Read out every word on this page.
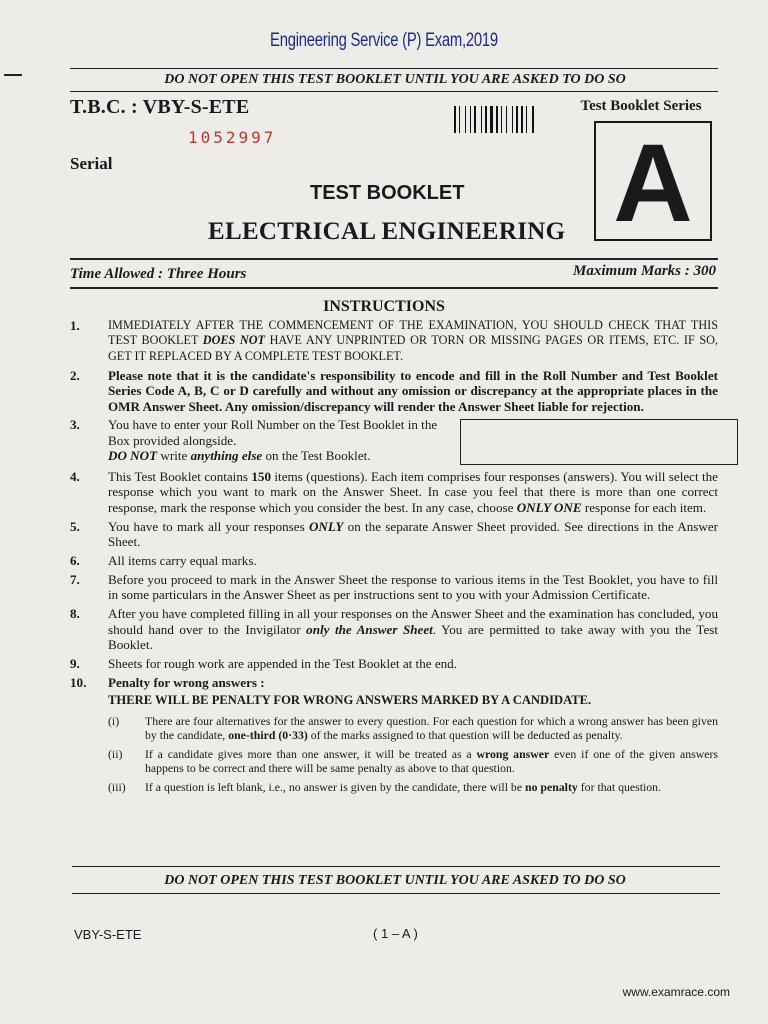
Engineering Service (P) Exam,2019
DO NOT OPEN THIS TEST BOOKLET UNTIL YOU ARE ASKED TO DO SO
T.B.C. : VBY-S-ETE	Test Booklet Series
1052997
Serial	A
TEST BOOKLET
ELECTRICAL ENGINEERING
Time Allowed : Three Hours	Maximum Marks : 300
INSTRUCTIONS
1.	IMMEDIATELY AFTER THE COMMENCEMENT OF THE EXAMINATION, YOU SHOULD CHECK THAT THIS TEST BOOKLET DOES NOT HAVE ANY UNPRINTED OR TORN OR MISSING PAGES OR ITEMS, ETC. IF SO, GET IT REPLACED BY A COMPLETE TEST BOOKLET.
2.	Please note that it is the candidate's responsibility to encode and fill in the Roll Number and Test Booklet Series Code A, B, C or D carefully and without any omission or discrepancy at the appropriate places in the OMR Answer Sheet. Any omission/discrepancy will render the Answer Sheet liable for rejection.
3.	You have to enter your Roll Number on the Test Booklet in the Box provided alongside.
DO NOT write anything else on the Test Booklet.
4.	This Test Booklet contains 150 items (questions). Each item comprises four responses (answers). You will select the response which you want to mark on the Answer Sheet. In case you feel that there is more than one correct response, mark the response which you consider the best. In any case, choose ONLY ONE response for each item.
5.	You have to mark all your responses ONLY on the separate Answer Sheet provided. See directions in the Answer Sheet.
6.	All items carry equal marks.
7.	Before you proceed to mark in the Answer Sheet the response to various items in the Test Booklet, you have to fill in some particulars in the Answer Sheet as per instructions sent to you with your Admission Certificate.
8.	After you have completed filling in all your responses on the Answer Sheet and the examination has concluded, you should hand over to the Invigilator only the Answer Sheet. You are permitted to take away with you the Test Booklet.
9.	Sheets for rough work are appended in the Test Booklet at the end.
10.	Penalty for wrong answers :
THERE WILL BE PENALTY FOR WRONG ANSWERS MARKED BY A CANDIDATE.
(i)	There are four alternatives for the answer to every question. For each question for which a wrong answer has been given by the candidate, one-third (0·33) of the marks assigned to that question will be deducted as penalty.
(ii)	If a candidate gives more than one answer, it will be treated as a wrong answer even if one of the given answers happens to be correct and there will be same penalty as above to that question.
(iii)	If a question is left blank, i.e., no answer is given by the candidate, there will be no penalty for that question.
DO NOT OPEN THIS TEST BOOKLET UNTIL YOU ARE ASKED TO DO SO
VBY-S-ETE	( 1 – A )
www.examrace.com
